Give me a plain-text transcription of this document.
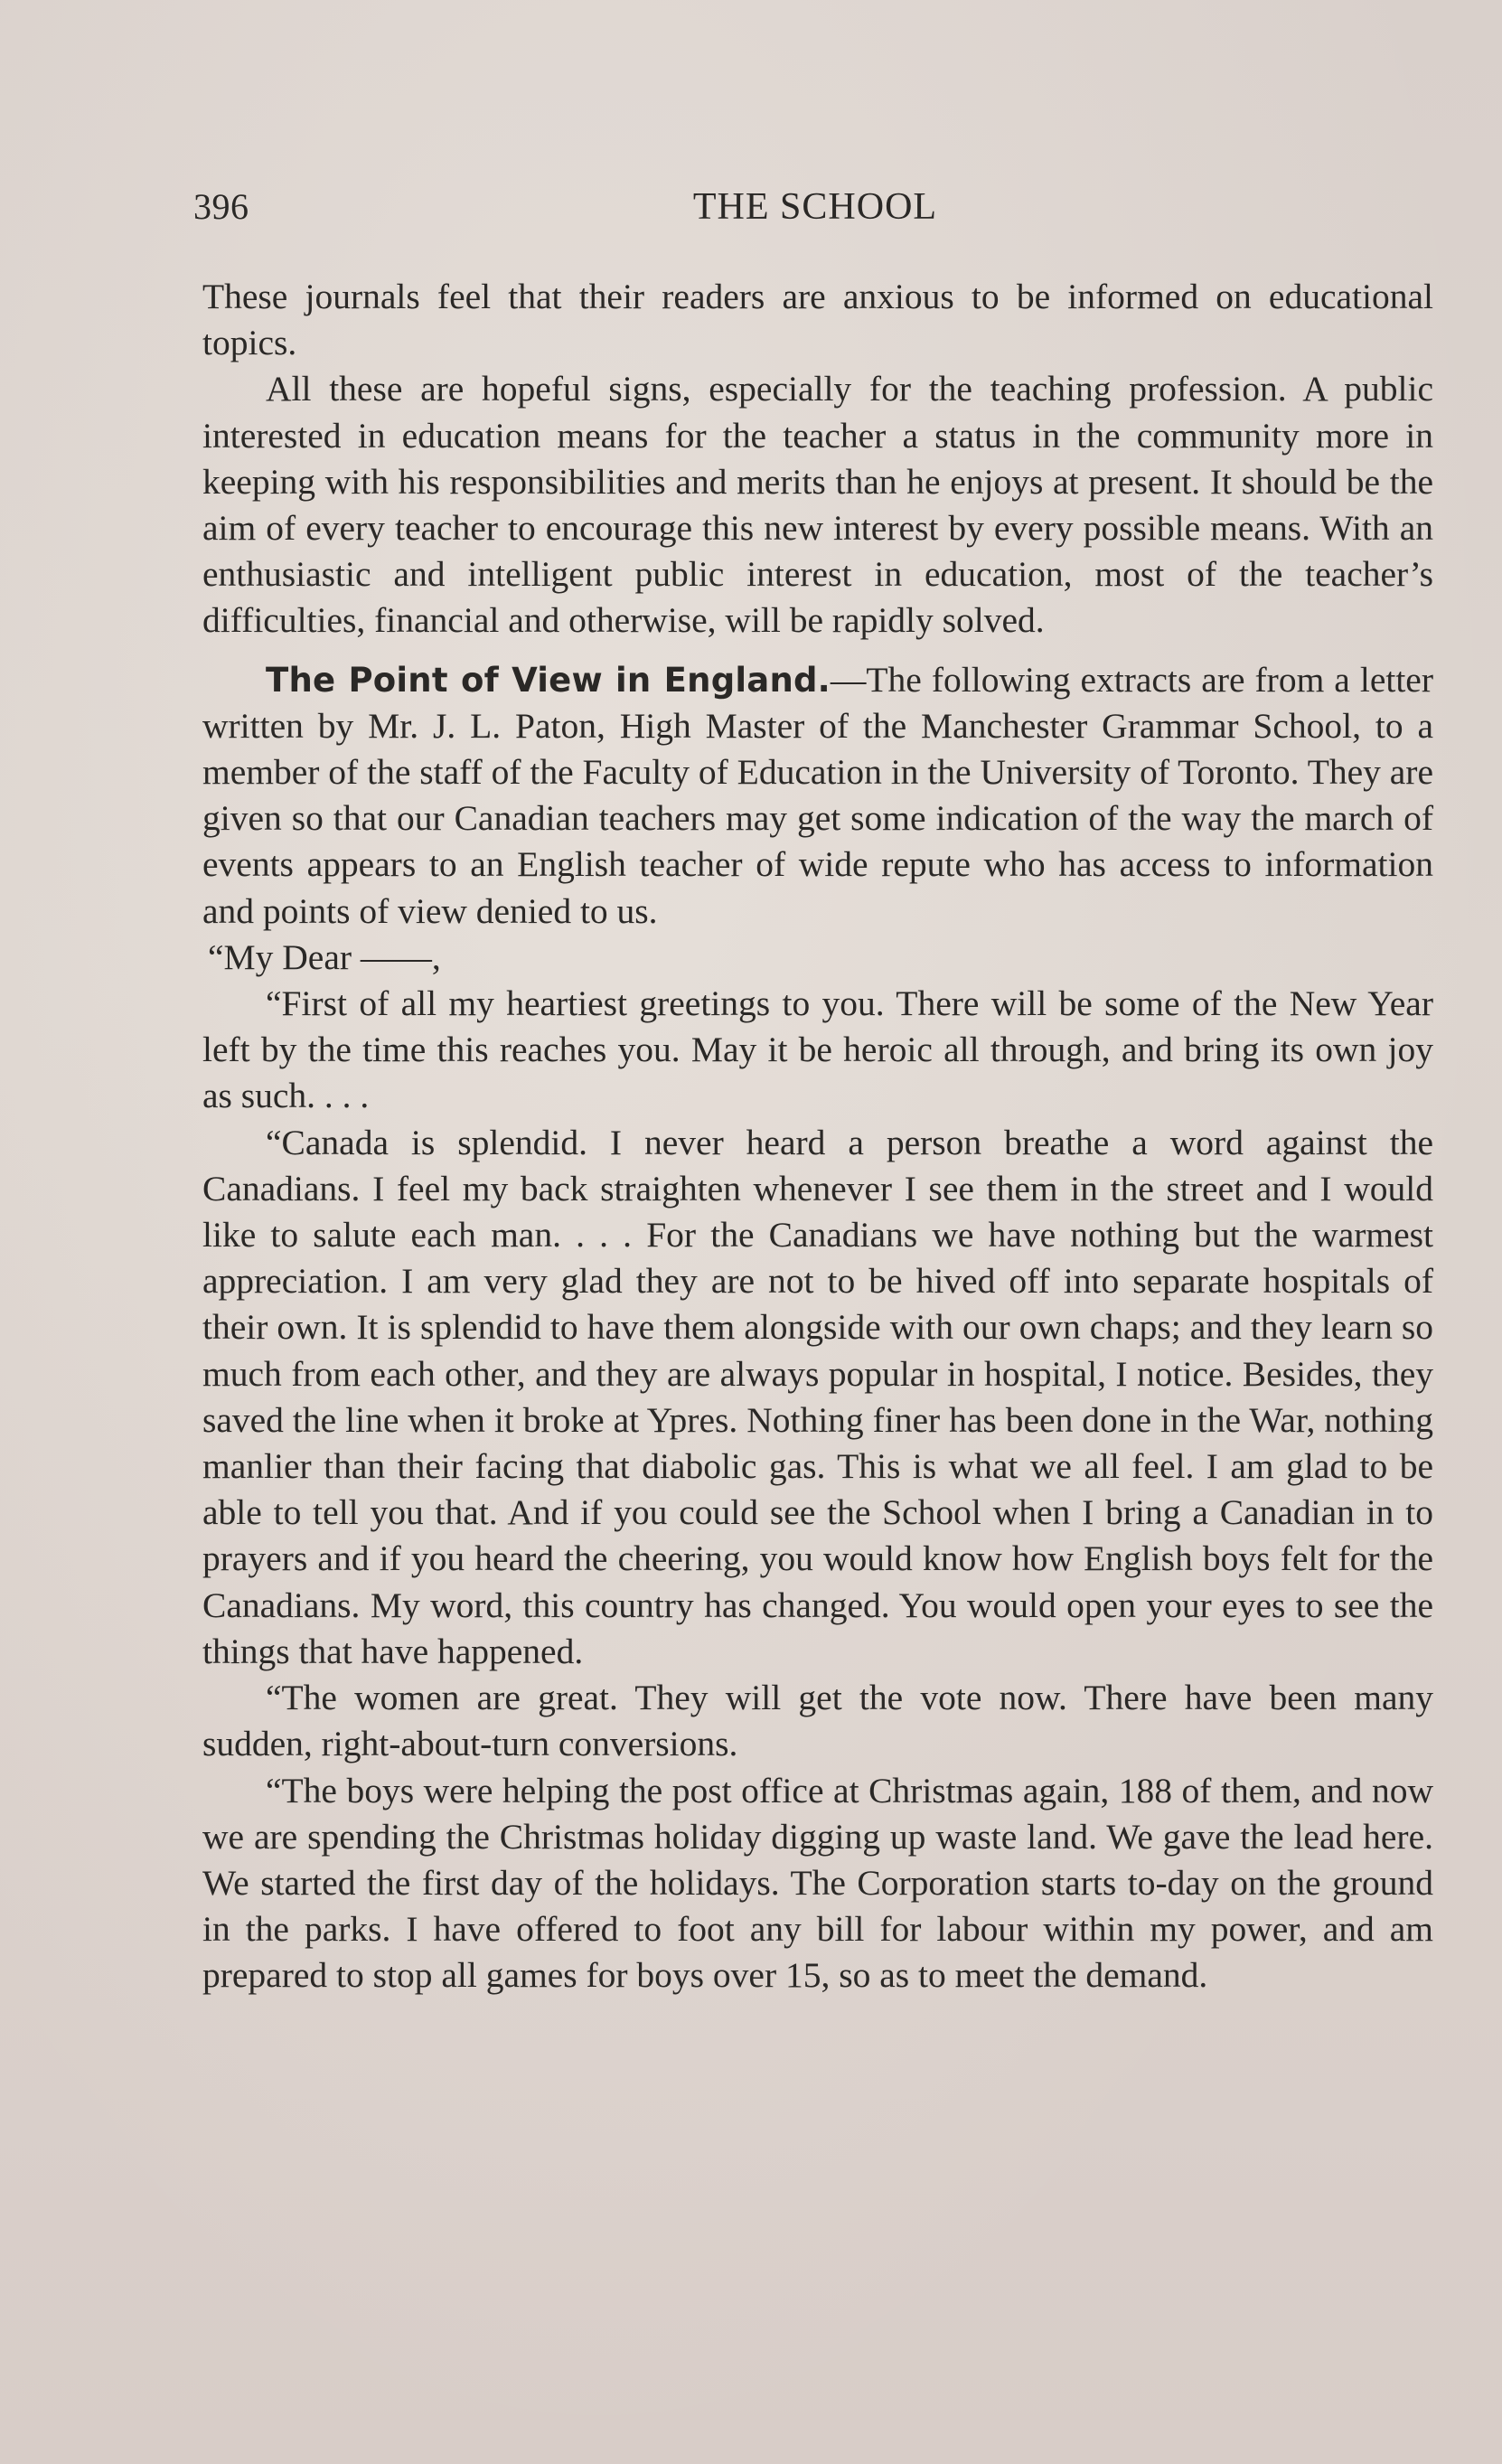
396	THE SCHOOL

These journals feel that their readers are anxious to be informed on educational topics.

All these are hopeful signs, especially for the teaching profession. A public interested in education means for the teacher a status in the community more in keeping with his responsibilities and merits than he enjoys at present. It should be the aim of every teacher to encourage this new interest by every possible means. With an enthusiastic and intelligent public interest in education, most of the teacher’s difficulties, financial and otherwise, will be rapidly solved.

The Point of View in England.—The following extracts are from a letter written by Mr. J. L. Paton, High Master of the Manchester Grammar School, to a member of the staff of the Faculty of Education in the University of Toronto. They are given so that our Canadian teachers may get some indication of the way the march of events appears to an English teacher of wide repute who has access to information and points of view denied to us.

“My Dear ——,

“First of all my heartiest greetings to you. There will be some of the New Year left by the time this reaches you. May it be heroic all through, and bring its own joy as such. . . .

“Canada is splendid. I never heard a person breathe a word against the Canadians. I feel my back straighten whenever I see them in the street and I would like to salute each man. . . . For the Canadians we have nothing but the warmest appreciation. I am very glad they are not to be hived off into separate hospitals of their own. It is splendid to have them alongside with our own chaps; and they learn so much from each other, and they are always popular in hospital, I notice. Besides, they saved the line when it broke at Ypres. Nothing finer has been done in the War, nothing manlier than their facing that diabolic gas. This is what we all feel. I am glad to be able to tell you that. And if you could see the School when I bring a Canadian in to prayers and if you heard the cheering, you would know how English boys felt for the Canadians. My word, this country has changed. You would open your eyes to see the things that have happened.

“The women are great. They will get the vote now. There have been many sudden, right-about-turn conversions.

“The boys were helping the post office at Christmas again, 188 of them, and now we are spending the Christmas holiday digging up waste land. We gave the lead here. We started the first day of the holidays. The Corporation starts to-day on the ground in the parks. I have offered to foot any bill for labour within my power, and am prepared to stop all games for boys over 15, so as to meet the demand.
